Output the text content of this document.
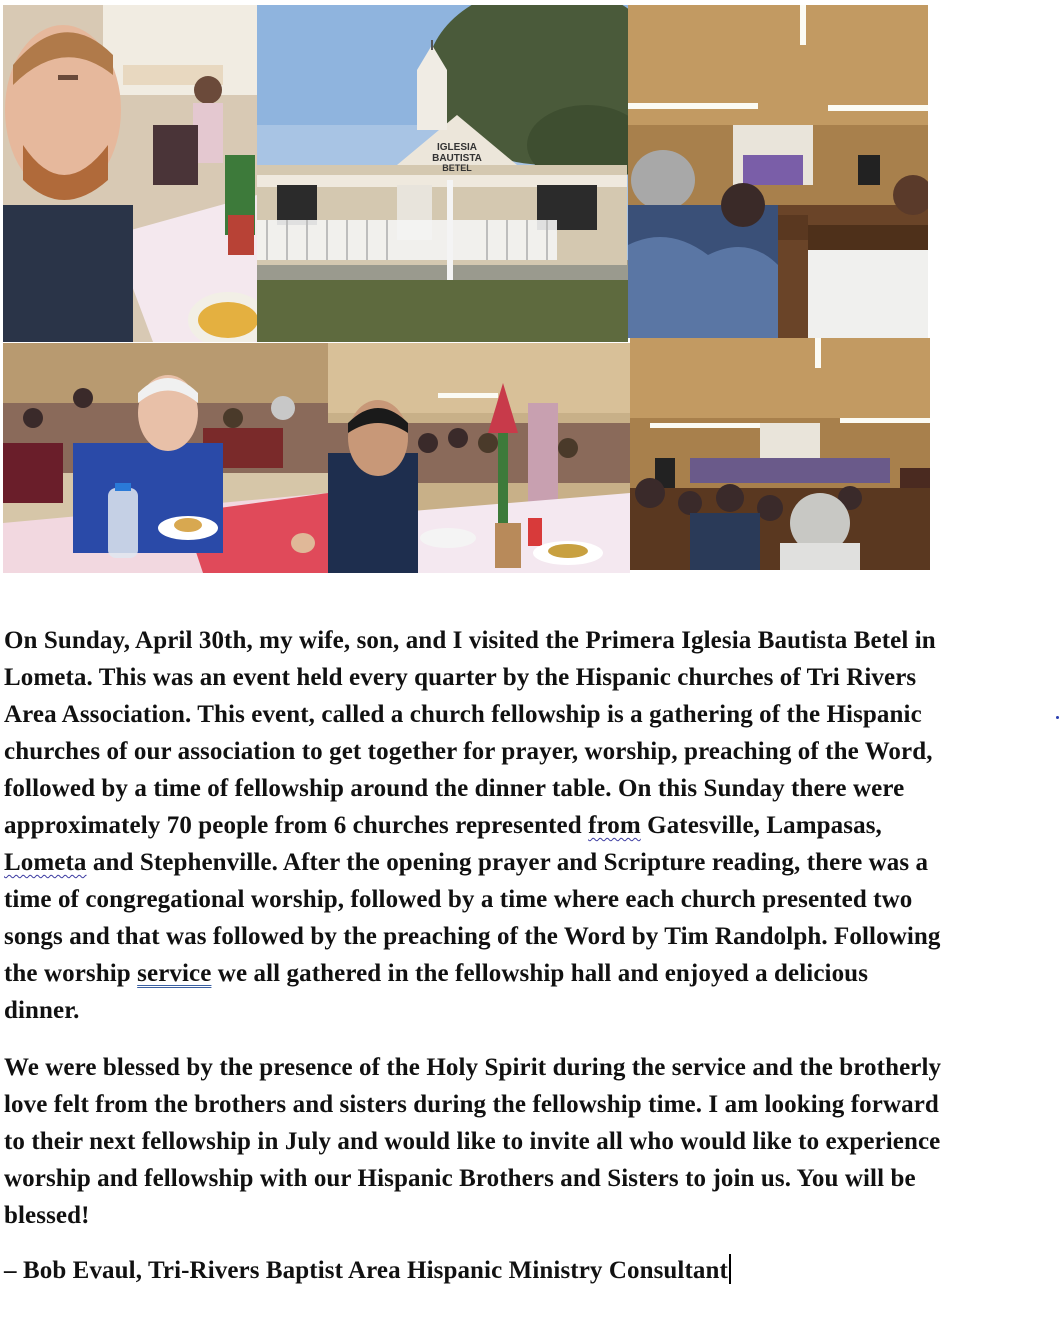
IGLESIA
BAUTISTA
BETEL

On Sunday, April 30th, my wife, son, and I visited the Primera Iglesia Bautista Betel in Lometa. This was an event held every quarter by the Hispanic churches of Tri Rivers Area Association. This event, called a church fellowship is a gathering of the Hispanic churches of our association to get together for prayer, worship, preaching of the Word, followed by a time of fellowship around the dinner table. On this Sunday there were approximately 70 people from 6 churches represented from Gatesville, Lampasas, Lometa and Stephenville. After the opening prayer and Scripture reading, there was a time of congregational worship, followed by a time where each church presented two songs and that was followed by the preaching of the Word by Tim Randolph. Following the worship service we all gathered in the fellowship hall and enjoyed a delicious dinner.

We were blessed by the presence of the Holy Spirit during the service and the brotherly love felt from the brothers and sisters during the fellowship time. I am looking forward to their next fellowship in July and would like to invite all who would like to experience worship and fellowship with our Hispanic Brothers and Sisters to join us. You will be blessed!

– Bob Evaul, Tri-Rivers Baptist Area Hispanic Ministry Consultant
